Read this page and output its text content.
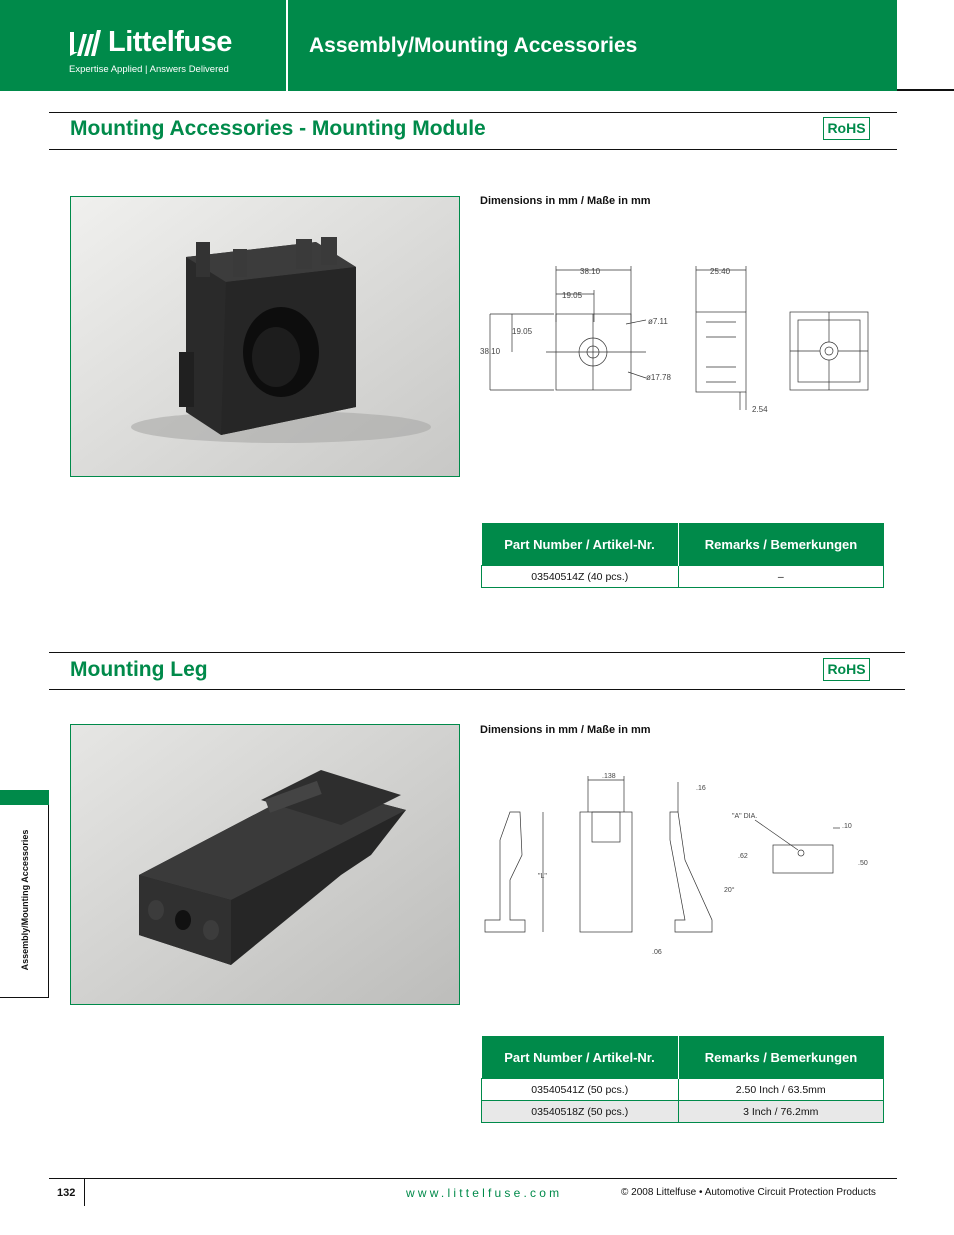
Littelfuse
Expertise Applied | Answers Delivered
Assembly/Mounting Accessories
Mounting Accessories - Mounting Module	RoHS
Dimensions in mm / Maße in mm
38.10
19.05
25.40
38.10
19.05
ø7.11
ø17.78
2.54
Part Number / Artikel-Nr.	Remarks / Bemerkungen
03540514Z (40 pcs.)	–
Mounting Leg	RoHS
Dimensions in mm / Maße in mm
.138
.16
"L"
"A" DIA.
.10
.62
.50
20°
.06
Part Number / Artikel-Nr.	Remarks / Bemerkungen
03540541Z (50 pcs.)	2.50 Inch / 63.5mm
03540518Z (50 pcs.)	3 Inch / 76.2mm
Assembly/Mounting Accessories
132	www.littelfuse.com	© 2008 Littelfuse • Automotive Circuit Protection Products
